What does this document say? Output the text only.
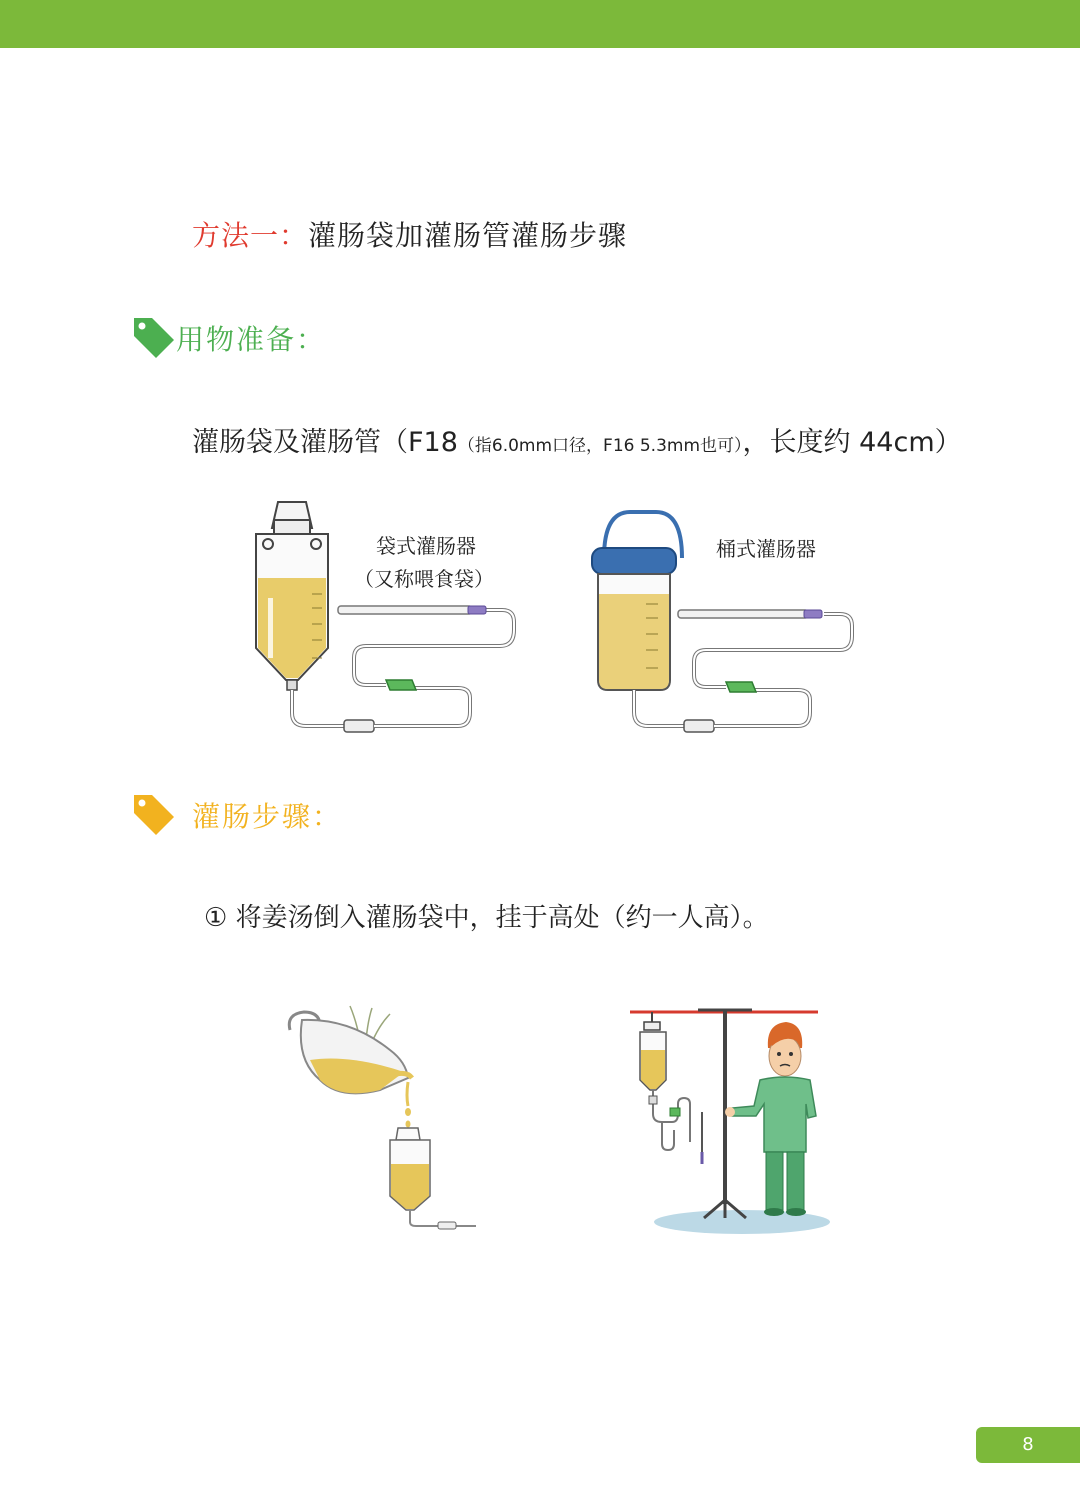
方法一：灌肠袋加灌肠管灌肠步骤
用物准备：
灌肠袋及灌肠管（F18（指6.0mm口径，F16 5.3mm也可），长度约 44cm）
袋式灌肠器
（又称喂食袋）
桶式灌肠器
灌肠步骤：
① 将姜汤倒入灌肠袋中，挂于高处（约一人高）。
8
